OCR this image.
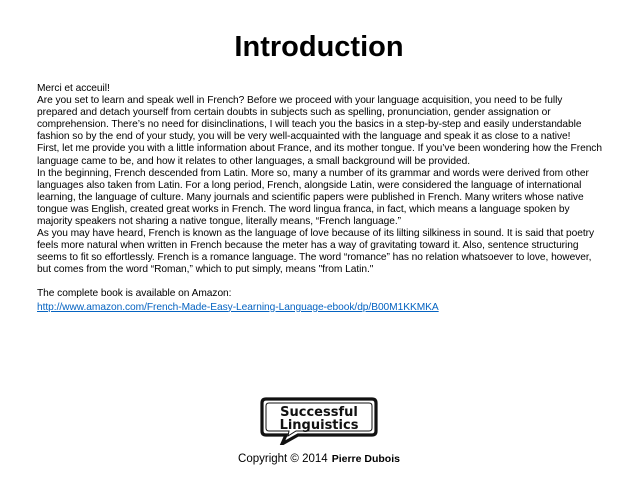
Introduction

Merci et acceuil!

Are you set to learn and speak well in French? Before we proceed with your language acquisition, you need to be fully prepared and detach yourself from certain doubts in subjects such as spelling, pronunciation, gender assignation or comprehension. There’s no need for disinclinations, I will teach you the basics in a step-by-step and easily understandable fashion so by the end of your study, you will be very well-acquainted with the language and speak it as close to a native!

First, let me provide you with a little information about France, and its mother tongue. If you’ve been wondering how the French language came to be, and how it relates to other languages, a small background will be provided.

In the beginning, French descended from Latin. More so, many a number of its grammar and words were derived from other languages also taken from Latin. For a long period, French, alongside Latin, were considered the language of international learning, the language of culture. Many journals and scientific papers were published in French. Many writers whose native tongue was English, created great works in French. The word lingua franca, in fact, which means a language spoken by majority speakers not sharing a native tongue, literally means, “French language.”

As you may have heard, French is known as the language of love because of its lilting silkiness in sound. It is said that poetry feels more natural when written in French because the meter has a way of gravitating toward it. Also, sentence structuring seems to fit so effortlessly. French is a romance language. The word “romance” has no relation whatsoever to love, however, but comes from the word “Roman,” which to put simply, means "from Latin."

The complete book is available on Amazon:

http://www.amazon.com/French-Made-Easy-Learning-Language-ebook/dp/B00M1KKMKA

Successful
Linguistics
Copyright © 2014 Pierre Dubois
